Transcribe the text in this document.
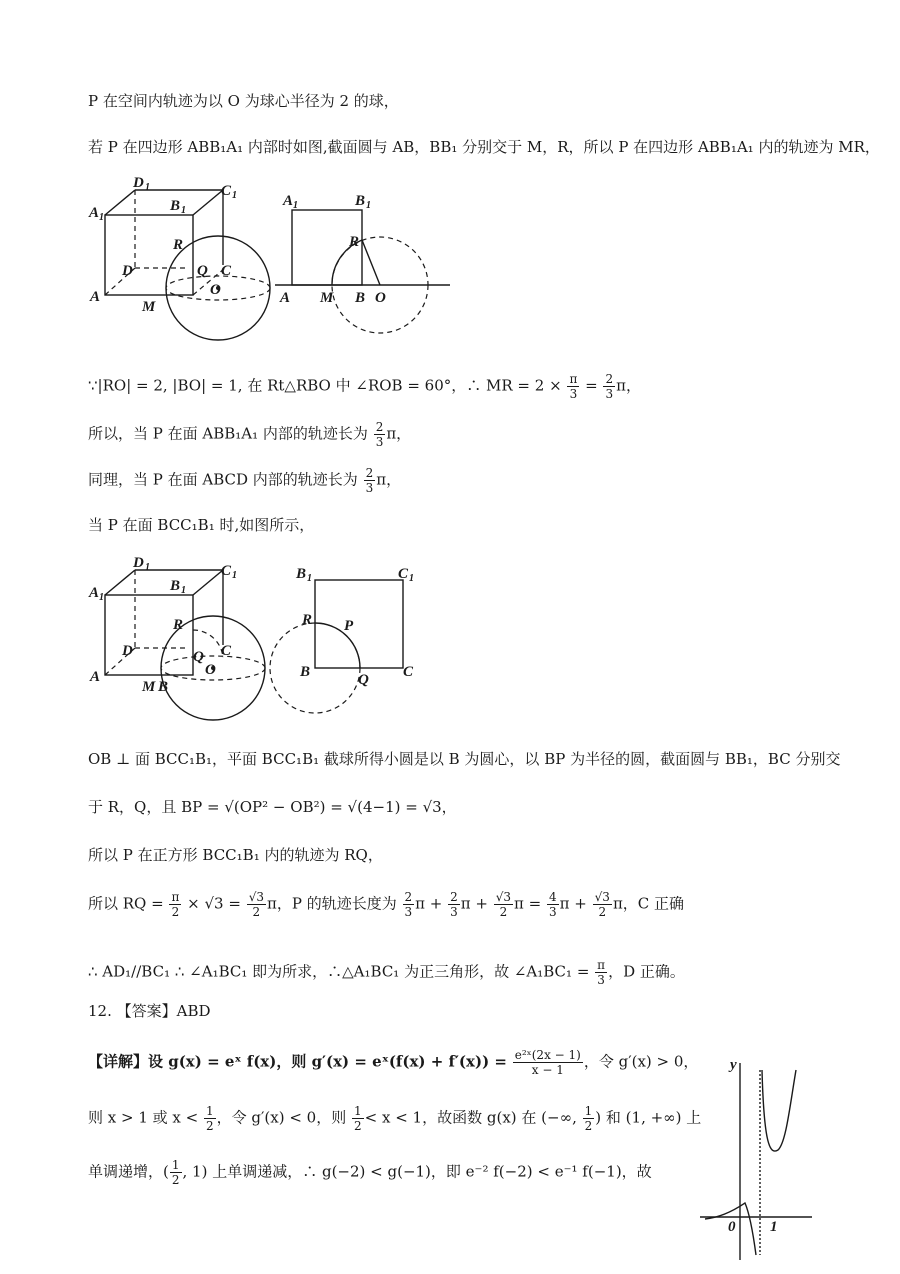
P 在空间内轨迹为以 O 为球心半径为 2 的球，
若 P 在四边形 ABB₁A₁ 内部时如图,截面圆与 AB，BB₁ 分别交于 M，R，所以 P 在四边形 ABB₁A₁ 内的轨迹为 MR，
D 1	C 1
A 1
B 1
R
D	Q C
O
A
M
A 1	B 1
R
A M B O
∵|RO| = 2, |BO| = 1, 在 Rt△RBO 中 ∠ROB = 60°，∴ MR = $2 \times \frac{\pi}{3} = \frac{2}{3}$ π，
所以，当 P 在面 ABB₁A₁ 内部的轨迹长为 $\frac{2}{3}$ π，
同理，当 P 在面 ABCD 内部的轨迹长为 $\frac{2}{3}$ π，
当 P 在面 BCC₁B₁ 时,如图所示，
D 1	C 1
A 1
B 1
R
D	Q C
O
A
M B
B 1	C 1
R P
B	Q C
OB ⊥ 面 BCC₁B₁，平面 BCC₁B₁ 截球所得小圆是以 B 为圆心，以 BP 为半径的圆，截面圆与 BB₁，BC 分别交
于 R，Q，且 BP = √(OP² − OB²) = √(4−1) = √3，
所以 P 在正方形 BCC₁B₁ 内的轨迹为 RQ，
所以 RQ = $\frac{\pi}{2} \times √3 = \frac{√3}{2}$ π，P 的轨迹长度为 $\frac{2}{3}$ $\pi + \frac{2}{3}$ $\pi + \frac{√3}{2}$ $\pi = \frac{4}{3}$ $\pi + \frac{√3}{2}$ π，C 正确
∴ AD₁//BC₁ ∴ ∠A₁BC₁ 即为所求，∴△A₁BC₁ 为正三角形，故 ∠A₁BC₁ = $\frac{\pi}{3}$ ，D 正确。
12. 【答案】ABD
【详解】设 g(x) = eˣ f(x)，则 g′(x) = eˣ(f(x) + $f'(x)) = \frac{\text{e²ˣ(2x − 1)}}{x - 1}$ ，令 g′(x) > 0，
则 x > 1 或 $x < \frac{1}{2}$ ，令 g′(x) < 0，则 $\frac{1}{2} < x < 1$，故函数 g(x) 在 (−∞, $\frac{1}{2}$ ) 和 (1, +∞) 上
单调递增，( $\frac{1}{2}$ , 1) 上单调递减，∴ g(−2) < g(−1)，即 e⁻² f(−2) < e⁻¹ f(−1)，故
y
0 1
